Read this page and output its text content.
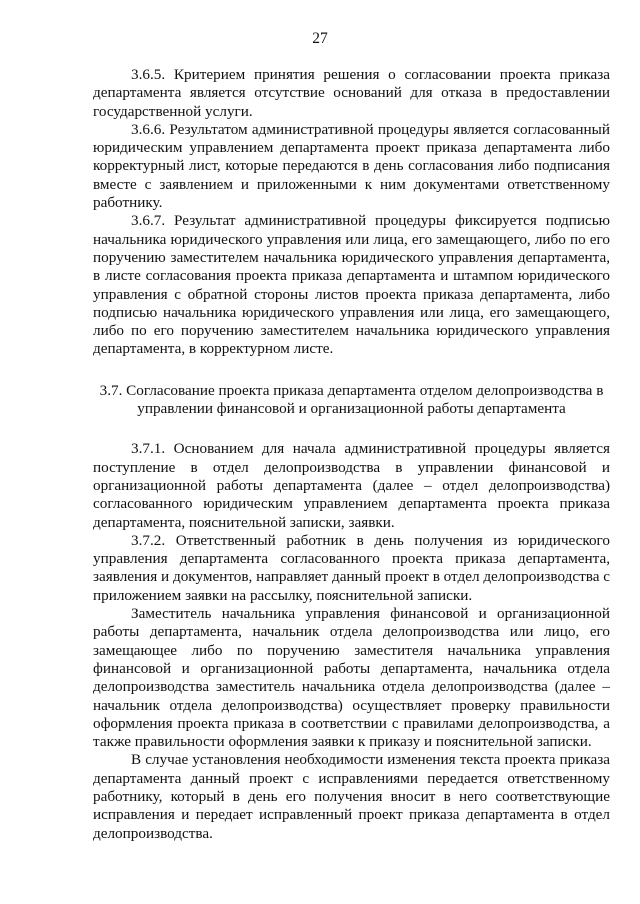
27

3.6.5. Критерием принятия решения о согласовании проекта приказа департамента является отсутствие оснований для отказа в предоставлении государственной услуги.

3.6.6. Результатом административной процедуры является согласованный юридическим управлением департамента проект приказа департамента либо корректурный лист, которые передаются в день согласования либо подписания вместе с заявлением и приложенными к ним документами ответственному работнику.

3.6.7. Результат административной процедуры фиксируется подписью начальника юридического управления или лица, его замещающего, либо по его поручению заместителем начальника юридического управления департамента, в листе согласования проекта приказа департамента и штампом юридического управления с обратной стороны листов проекта приказа департамента, либо подписью начальника юридического управления или лица, его замещающего, либо по его поручению заместителем начальника юридического управления департамента, в корректурном листе.

3.7. Согласование проекта приказа департамента отделом делопроизводства в управлении финансовой и организационной работы департамента

3.7.1. Основанием для начала административной процедуры является поступление в отдел делопроизводства в управлении финансовой и организационной работы департамента (далее – отдел делопроизводства) согласованного юридическим управлением департамента проекта приказа департамента, пояснительной записки, заявки.

3.7.2. Ответственный работник в день получения из юридического управления департамента согласованного проекта приказа департамента, заявления и документов, направляет данный проект в отдел делопроизводства с приложением заявки на рассылку, пояснительной записки.

Заместитель начальника управления финансовой и организационной работы департамента, начальник отдела делопроизводства или лицо, его замещающее либо по поручению заместителя начальника управления финансовой и организационной работы департамента, начальника отдела делопроизводства заместитель начальника отдела делопроизводства (далее – начальник отдела делопроизводства) осуществляет проверку правильности оформления проекта приказа в соответствии с правилами делопроизводства, а также правильности оформления заявки к приказу и пояснительной записки.

В случае установления необходимости изменения текста проекта приказа департамента данный проект с исправлениями передается ответственному работнику, который в день его получения вносит в него соответствующие исправления и передает исправленный проект приказа департамента в отдел делопроизводства.
